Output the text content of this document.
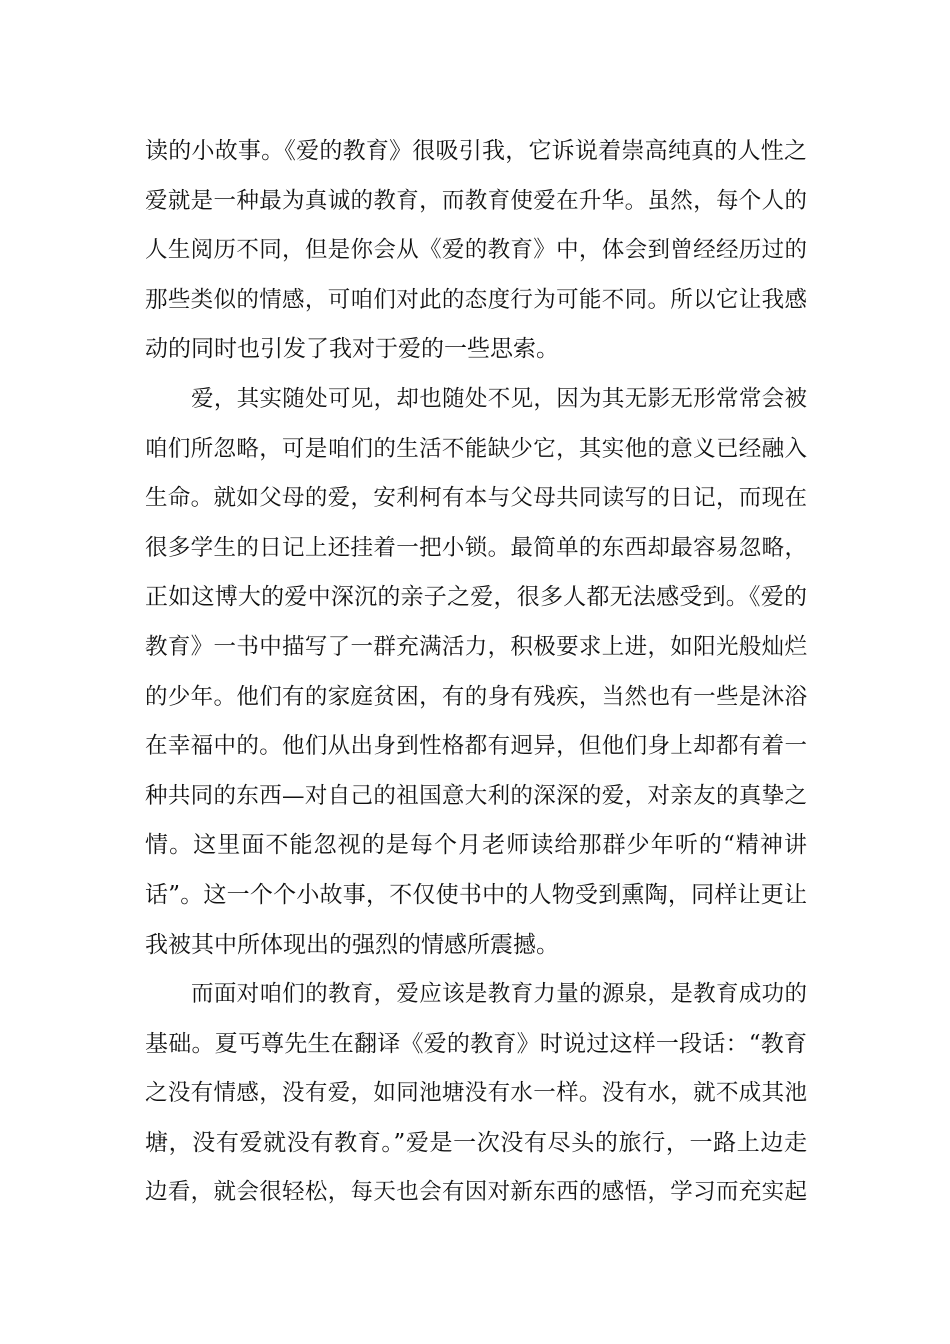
读的小故事。《爱的教育》很吸引我，它诉说着崇高纯真的人性之
爱就是一种最为真诚的教育，而教育使爱在升华。虽然，每个人的
人生阅历不同，但是你会从《爱的教育》中，体会到曾经经历过的
那些类似的情感，可咱们对此的态度行为可能不同。所以它让我感
动的同时也引发了我对于爱的一些思索。
爱，其实随处可见，却也随处不见，因为其无影无形常常会被
咱们所忽略，可是咱们的生活不能缺少它，其实他的意义已经融入
生命。就如父母的爱，安利柯有本与父母共同读写的日记，而现在
很多学生的日记上还挂着一把小锁。最简单的东西却最容易忽略，
正如这博大的爱中深沉的亲子之爱，很多人都无法感受到。《爱的
教育》一书中描写了一群充满活力，积极要求上进，如阳光般灿烂
的少年。他们有的家庭贫困，有的身有残疾，当然也有一些是沐浴
在幸福中的。他们从出身到性格都有迥异，但他们身上却都有着一
种共同的东西—对自己的祖国意大利的深深的爱，对亲友的真挚之
情。这里面不能忽视的是每个月老师读给那群少年听的“精神讲
话”。这一个个小故事，不仅使书中的人物受到熏陶，同样让更让
我被其中所体现出的强烈的情感所震撼。
而面对咱们的教育，爱应该是教育力量的源泉，是教育成功的
基础。夏丐尊先生在翻译《爱的教育》时说过这样一段话：“教育
之没有情感，没有爱，如同池塘没有水一样。没有水，就不成其池
塘，没有爱就没有教育。”爱是一次没有尽头的旅行，一路上边走
边看，就会很轻松，每天也会有因对新东西的感悟，学习而充实起
